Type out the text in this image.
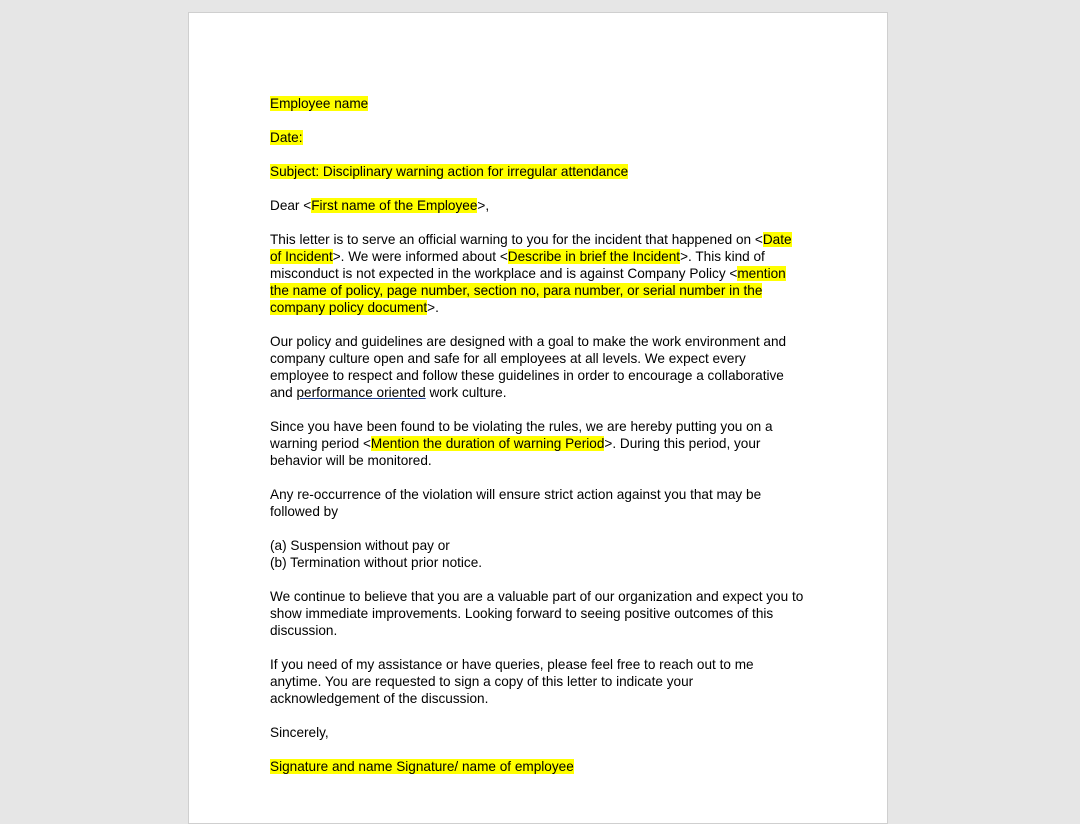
Employee name

Date:

Subject: Disciplinary warning action for irregular attendance

Dear <First name of the Employee>,

This letter is to serve an official warning to you for the incident that happened on <Date of Incident>. We were informed about <Describe in brief the Incident>. This kind of misconduct is not expected in the workplace and is against Company Policy <mention the name of policy, page number, section no, para number, or serial number in the company policy document>.

Our policy and guidelines are designed with a goal to make the work environment and company culture open and safe for all employees at all levels. We expect every employee to respect and follow these guidelines in order to encourage a collaborative and performance oriented work culture.

Since you have been found to be violating the rules, we are hereby putting you on a warning period <Mention the duration of warning Period>. During this period, your behavior will be monitored.

Any re-occurrence of the violation will ensure strict action against you that may be followed by

(a) Suspension without pay or
(b) Termination without prior notice.

We continue to believe that you are a valuable part of our organization and expect you to show immediate improvements. Looking forward to seeing positive outcomes of this discussion.

If you need of my assistance or have queries, please feel free to reach out to me anytime. You are requested to sign a copy of this letter to indicate your acknowledgement of the discussion.

Sincerely,

Signature and name Signature/ name of employee
